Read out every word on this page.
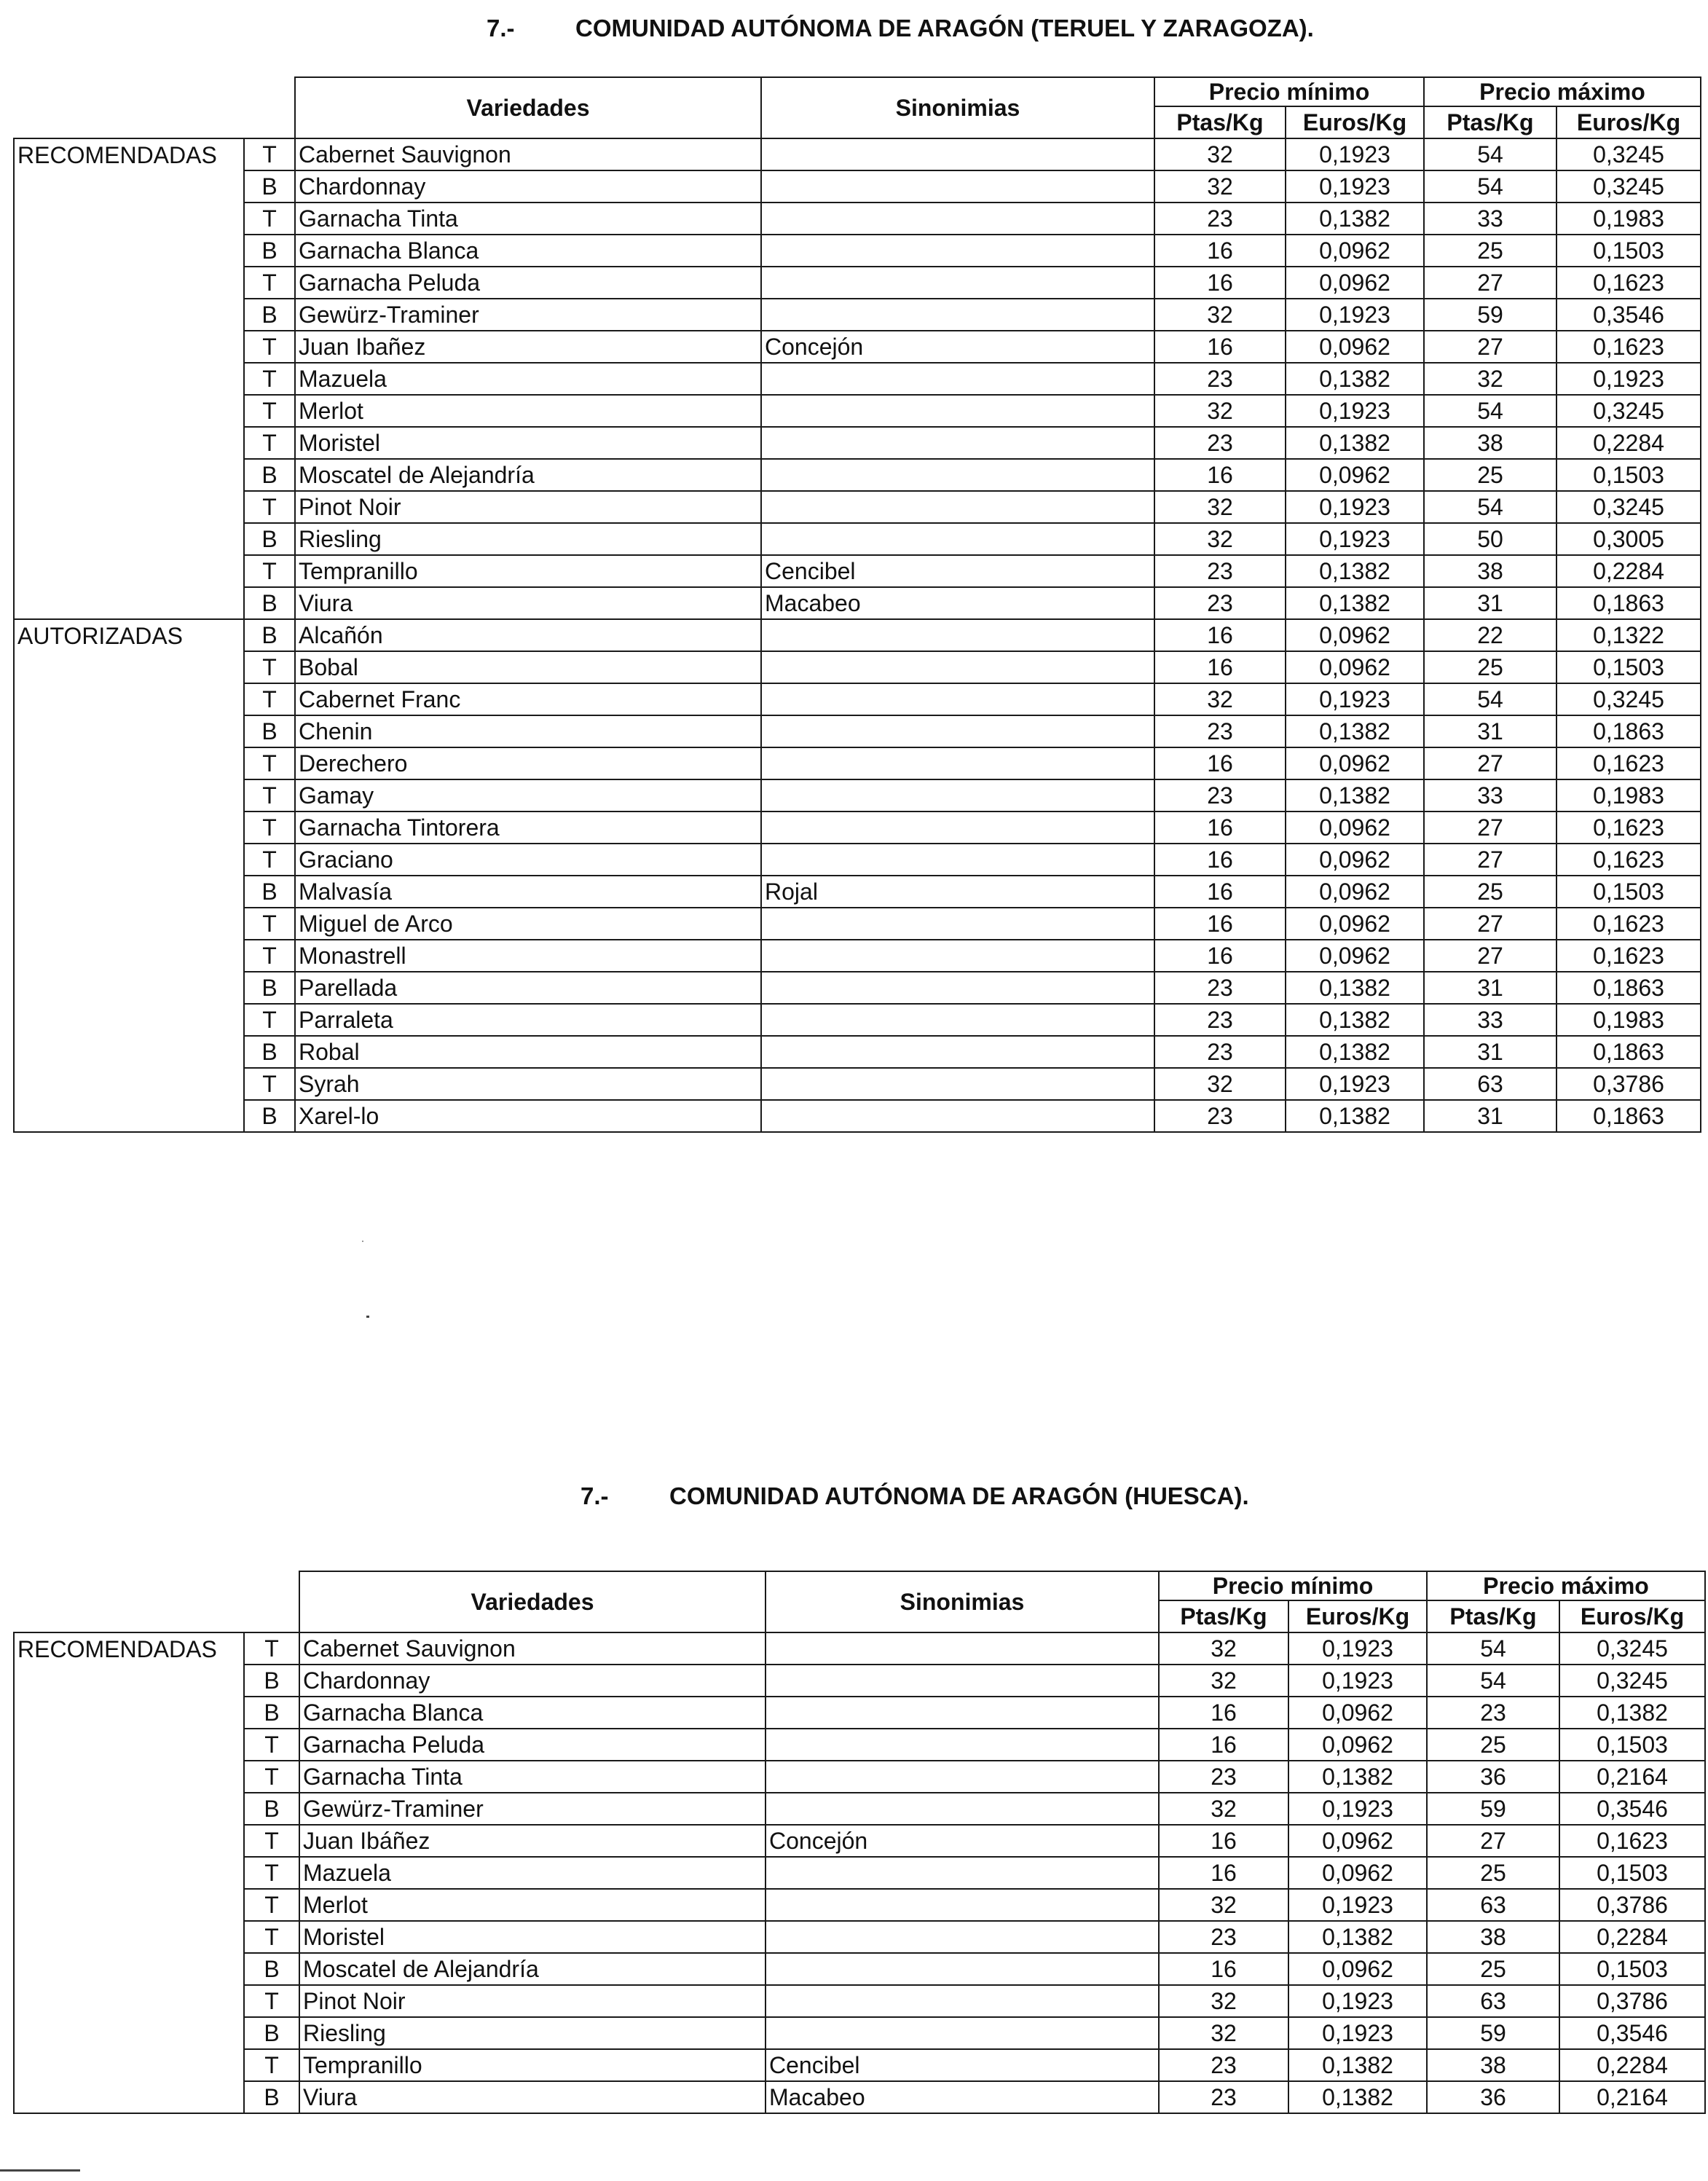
7.-	COMUNIDAD AUTÓNOMA DE ARAGÓN (TERUEL Y ZARAGOZA).
		Variedades	Sinonimias	Precio mínimo		Precio máximo	
				Ptas/Kg	Euros/Kg	Ptas/Kg	Euros/Kg
RECOMENDADAS	T	Cabernet Sauvignon		32	0,1923	54	0,3245
	B	Chardonnay		32	0,1923	54	0,3245
	T	Garnacha Tinta		23	0,1382	33	0,1983
	B	Garnacha Blanca		16	0,0962	25	0,1503
	T	Garnacha Peluda		16	0,0962	27	0,1623
	B	Gewürz-Traminer		32	0,1923	59	0,3546
	T	Juan Ibañez	Concejón	16	0,0962	27	0,1623
	T	Mazuela		23	0,1382	32	0,1923
	T	Merlot		32	0,1923	54	0,3245
	T	Moristel		23	0,1382	38	0,2284
	B	Moscatel de Alejandría		16	0,0962	25	0,1503
	T	Pinot Noir		32	0,1923	54	0,3245
	B	Riesling		32	0,1923	50	0,3005
	T	Tempranillo	Cencibel	23	0,1382	38	0,2284
	B	Viura	Macabeo	23	0,1382	31	0,1863
AUTORIZADAS	B	Alcañón		16	0,0962	22	0,1322
	T	Bobal		16	0,0962	25	0,1503
	T	Cabernet Franc		32	0,1923	54	0,3245
	B	Chenin		23	0,1382	31	0,1863
	T	Derechero		16	0,0962	27	0,1623
	T	Gamay		23	0,1382	33	0,1983
	T	Garnacha Tintorera		16	0,0962	27	0,1623
	T	Graciano		16	0,0962	27	0,1623
	B	Malvasía	Rojal	16	0,0962	25	0,1503
	T	Miguel de Arco		16	0,0962	27	0,1623
	T	Monastrell		16	0,0962	27	0,1623
	B	Parellada		23	0,1382	31	0,1863
	T	Parraleta		23	0,1382	33	0,1983
	B	Robal		23	0,1382	31	0,1863
	T	Syrah		32	0,1923	63	0,3786
	B	Xarel-lo		23	0,1382	31	0,1863
7.-	COMUNIDAD AUTÓNOMA DE ARAGÓN (HUESCA).
		Variedades	Sinonimias	Precio mínimo		Precio máximo	
				Ptas/Kg	Euros/Kg	Ptas/Kg	Euros/Kg
RECOMENDADAS	T	Cabernet Sauvignon		32	0,1923	54	0,3245
	B	Chardonnay		32	0,1923	54	0,3245
	B	Garnacha Blanca		16	0,0962	23	0,1382
	T	Garnacha Peluda		16	0,0962	25	0,1503
	T	Garnacha Tinta		23	0,1382	36	0,2164
	B	Gewürz-Traminer		32	0,1923	59	0,3546
	T	Juan Ibáñez	Concejón	16	0,0962	27	0,1623
	T	Mazuela		16	0,0962	25	0,1503
	T	Merlot		32	0,1923	63	0,3786
	T	Moristel		23	0,1382	38	0,2284
	B	Moscatel de Alejandría		16	0,0962	25	0,1503
	T	Pinot Noir		32	0,1923	63	0,3786
	B	Riesling		32	0,1923	59	0,3546
	T	Tempranillo	Cencibel	23	0,1382	38	0,2284
	B	Viura	Macabeo	23	0,1382	36	0,2164
